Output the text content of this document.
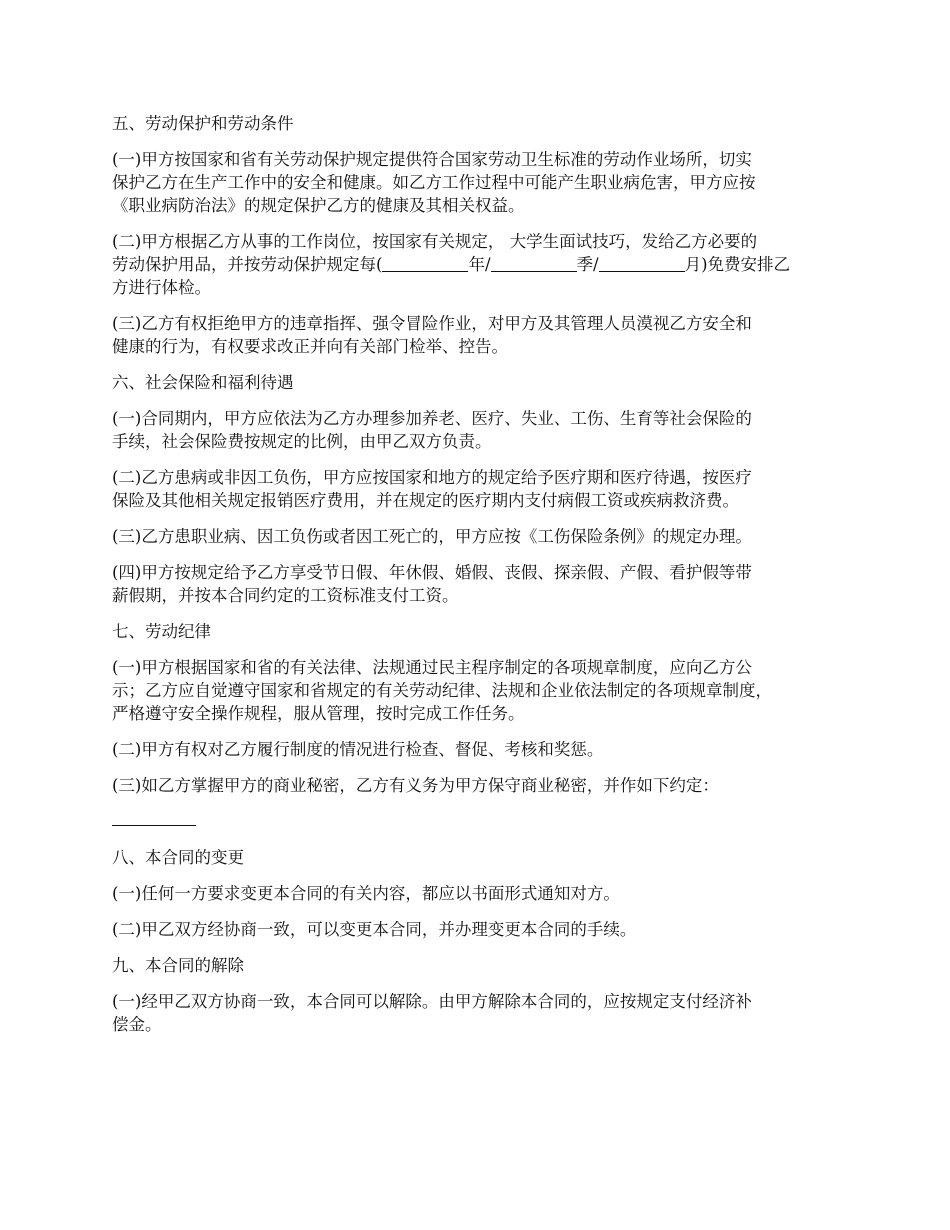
五、劳动保护和劳动条件

(一)甲方按国家和省有关劳动保护规定提供符合国家劳动卫生标准的劳动作业场所，切实
保护乙方在生产工作中的安全和健康。如乙方工作过程中可能产生职业病危害，甲方应按
《职业病防治法》的规定保护乙方的健康及其相关权益。

(二)甲方根据乙方从事的工作岗位，按国家有关规定， 大学生面试技巧，发给乙方必要的
劳动保护用品，并按劳动保护规定每(	年/	季/	月)免费安排乙
方进行体检。

(三)乙方有权拒绝甲方的违章指挥、强令冒险作业，对甲方及其管理人员漠视乙方安全和
健康的行为，有权要求改正并向有关部门检举、控告。

六、社会保险和福利待遇

(一)合同期内，甲方应依法为乙方办理参加养老、医疗、失业、工伤、生育等社会保险的
手续，社会保险费按规定的比例，由甲乙双方负责。

(二)乙方患病或非因工负伤，甲方应按国家和地方的规定给予医疗期和医疗待遇，按医疗
保险及其他相关规定报销医疗费用，并在规定的医疗期内支付病假工资或疾病救济费。

(三)乙方患职业病、因工负伤或者因工死亡的，甲方应按《工伤保险条例》的规定办理。

(四)甲方按规定给予乙方享受节日假、年休假、婚假、丧假、探亲假、产假、看护假等带
薪假期，并按本合同约定的工资标准支付工资。

七、劳动纪律

(一)甲方根据国家和省的有关法律、法规通过民主程序制定的各项规章制度，应向乙方公
示；乙方应自觉遵守国家和省规定的有关劳动纪律、法规和企业依法制定的各项规章制度，
严格遵守安全操作规程，服从管理，按时完成工作任务。

(二)甲方有权对乙方履行制度的情况进行检查、督促、考核和奖惩。

(三)如乙方掌握甲方的商业秘密，乙方有义务为甲方保守商业秘密，并作如下约定：

八、本合同的变更

(一)任何一方要求变更本合同的有关内容，都应以书面形式通知对方。

(二)甲乙双方经协商一致，可以变更本合同，并办理变更本合同的手续。

九、本合同的解除

(一)经甲乙双方协商一致，本合同可以解除。由甲方解除本合同的，应按规定支付经济补
偿金。
